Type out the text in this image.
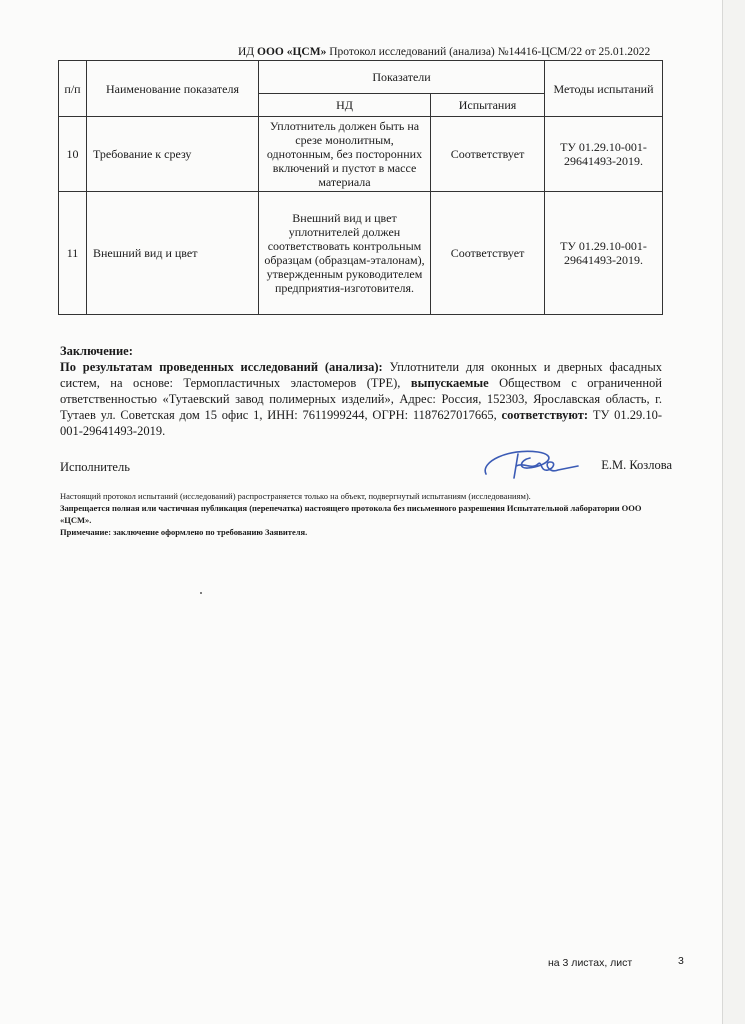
ИД ООО «ЦСМ» Протокол исследований (анализа) №14416-ЦСМ/22 от 25.01.2022
п/п	Наименование показателя	Показатели		Методы испытаний
		НД	Испытания	
10	Требование к срезу	Уплотнитель должен быть на срезе монолитным, однотонным, без посторонних включений и пустот в массе материала	Соответствует	ТУ 01.29.10-001-29641493-2019.
11	Внешний вид и цвет	Внешний вид и цвет уплотнителей должен соответствовать контрольным образцам (образцам-эталонам), утвержденным руководителем предприятия-изготовителя.	Соответствует	ТУ 01.29.10-001-29641493-2019.
Заключение:
По результатам проведенных исследований (анализа): Уплотнители для оконных и дверных фасадных систем, на основе: Термопластичных эластомеров (TPE), выпускаемые Обществом с ограниченной ответственностью «Тутаевский завод полимерных изделий», Адрес: Россия, 152303, Ярославская область, г. Тутаев ул. Советская дом 15 офис 1, ИНН: 7611999244, ОГРН: 1187627017665, соответствуют: ТУ 01.29.10-001-29641493-2019.
Исполнитель	Е.М. Козлова
Настоящий протокол испытаний (исследований) распространяется только на объект, подвергнутый испытаниям (исследованиям).
Запрещается полная или частичная публикация (перепечатка) настоящего протокола без письменного разрешения Испытательной лаборатории ООО «ЦСМ».
Примечание: заключение оформлено по требованию Заявителя.
на 3 листах, лист	3
